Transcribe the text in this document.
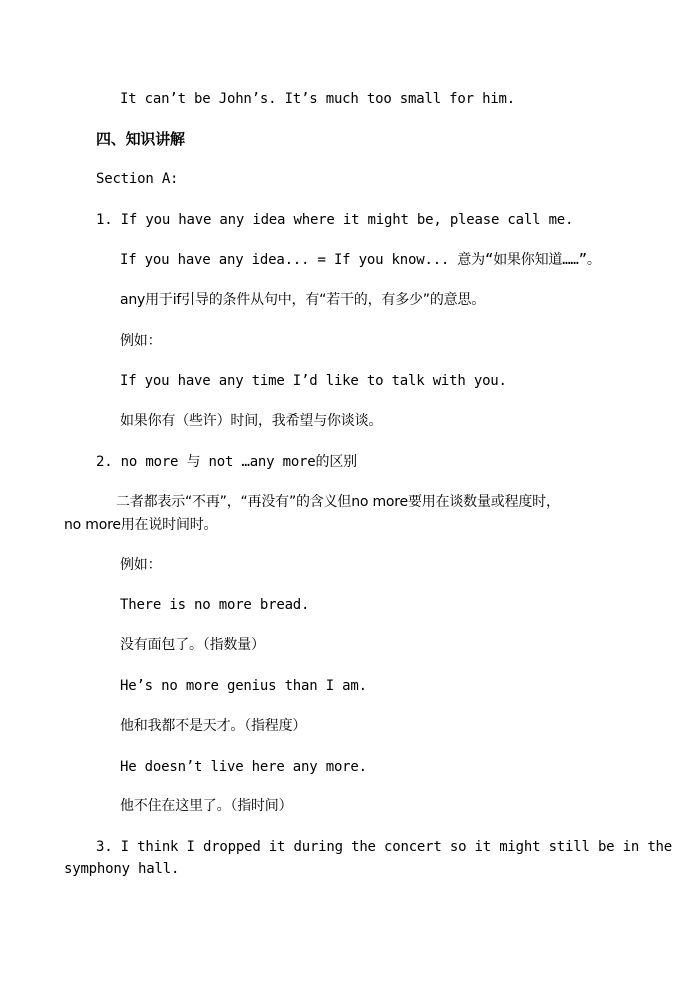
It can’t be John’s. It’s much too small for him.
四、知识讲解
Section A:
1. If you have any idea where it might be, please call me.
If you have any idea... = If you know... 意为“如果你知道……”。
any用于if引导的条件从句中，有“若干的，有多少”的意思。
例如：
If you have any time I’d like to talk with you.
如果你有（些许）时间，我希望与你谈谈。
2. no more 与 not …any more的区别
二者都表示“不再”，“再没有”的含义但no more要用在谈数量或程度时，
no more用在说时间时。
例如：
There is no more bread.
没有面包了。（指数量）
He’s no more genius than I am.
他和我都不是天才。（指程度）
He doesn’t live here any more.
他不住在这里了。（指时间）
3. I think I dropped it during the concert so it might still be in the
symphony hall.
